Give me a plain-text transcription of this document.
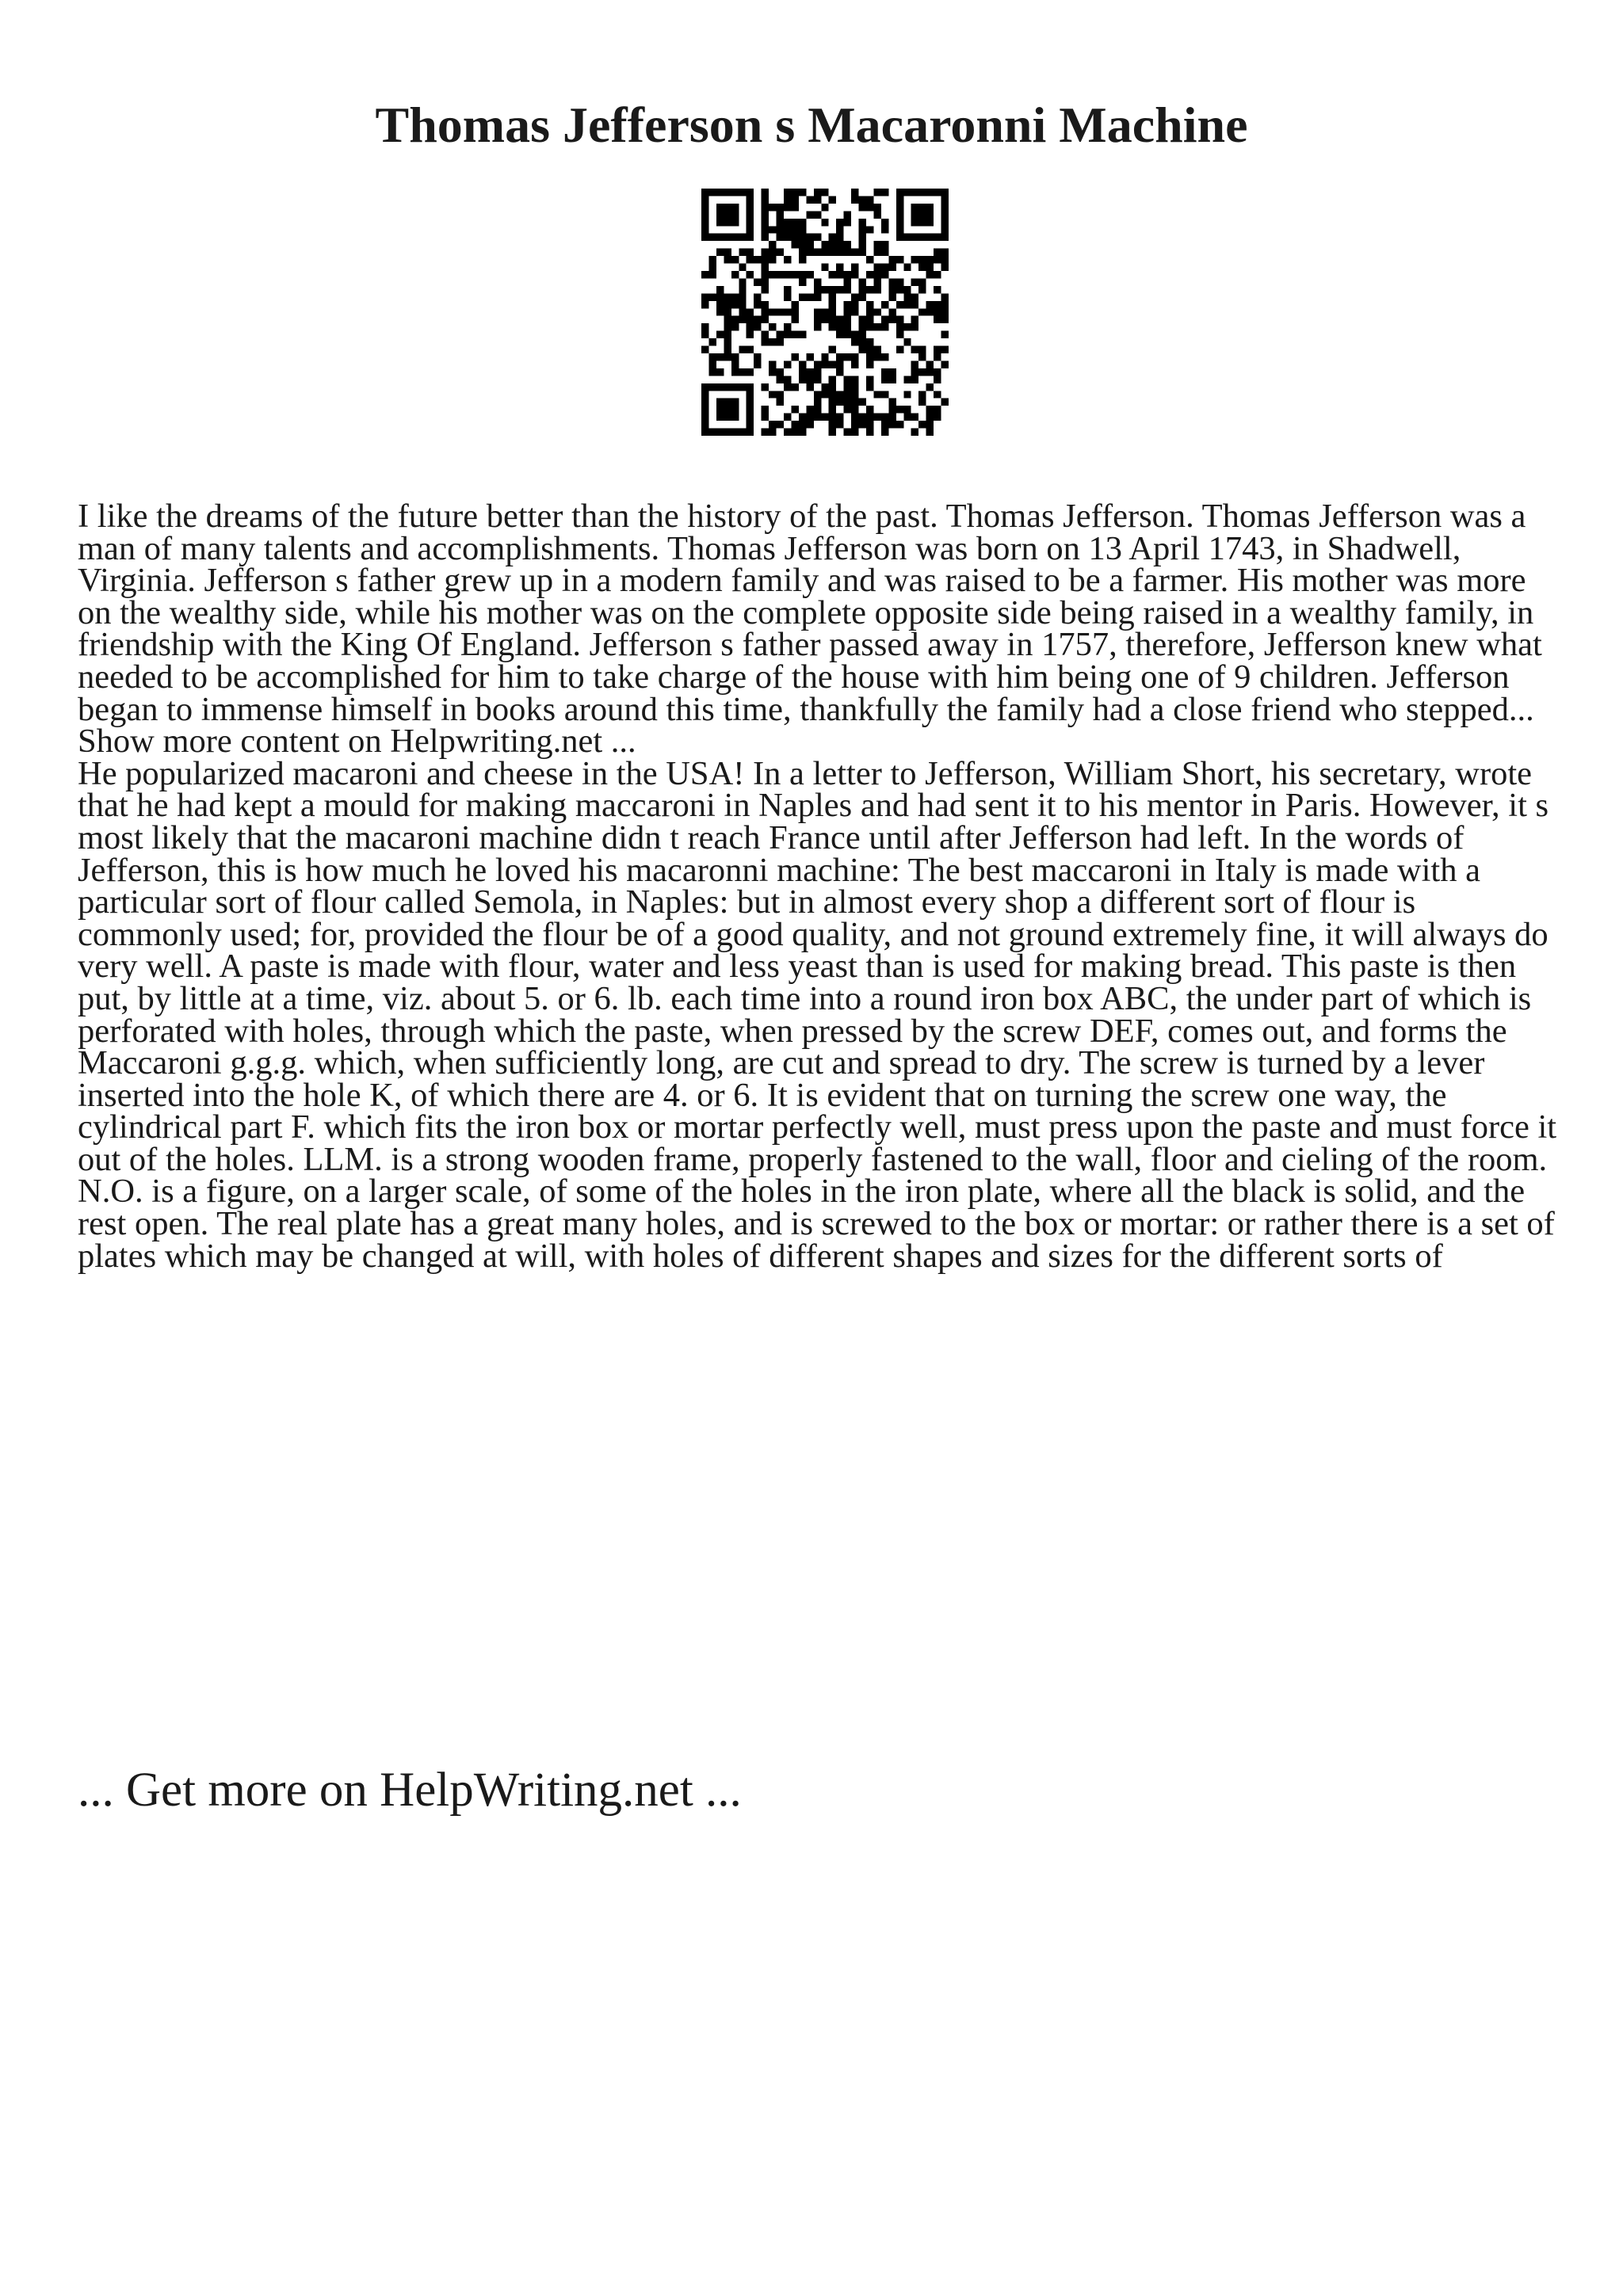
Thomas Jefferson s Macaronni Machine

I like the dreams of the future better than the history of the past. Thomas Jefferson. Thomas Jefferson was a man of many talents and accomplishments. Thomas Jefferson was born on 13 April 1743, in Shadwell, Virginia. Jefferson s father grew up in a modern family and was raised to be a farmer. His mother was more on the wealthy side, while his mother was on the complete opposite side being raised in a wealthy family, in friendship with the King Of England. Jefferson s father passed away in 1757, therefore, Jefferson knew what needed to be accomplished for him to take charge of the house with him being one of 9 children. Jefferson began to immense himself in books around this time, thankfully the family had a close friend who stepped... Show more content on Helpwriting.net ...

He popularized macaroni and cheese in the USA! In a letter to Jefferson, William Short, his secretary, wrote that he had kept a mould for making maccaroni in Naples and had sent it to his mentor in Paris. However, it s most likely that the macaroni machine didn t reach France until after Jefferson had left. In the words of Jefferson, this is how much he loved his macaronni machine: The best maccaroni in Italy is made with a particular sort of flour called Semola, in Naples: but in almost every shop a different sort of flour is commonly used; for, provided the flour be of a good quality, and not ground extremely fine, it will always do very well. A paste is made with flour, water and less yeast than is used for making bread. This paste is then put, by little at a time, viz. about 5. or 6. lb. each time into a round iron box ABC, the under part of which is perforated with holes, through which the paste, when pressed by the screw DEF, comes out, and forms the Maccaroni g.g.g. which, when sufficiently long, are cut and spread to dry. The screw is turned by a lever inserted into the hole K, of which there are 4. or 6. It is evident that on turning the screw one way, the cylindrical part F. which fits the iron box or mortar perfectly well, must press upon the paste and must force it out of the holes. LLM. is a strong wooden frame, properly fastened to the wall, floor and cieling of the room. N.O. is a figure, on a larger scale, of some of the holes in the iron plate, where all the black is solid, and the rest open. The real plate has a great many holes, and is screwed to the box or mortar: or rather there is a set of plates which may be changed at will, with holes of different shapes and sizes for the different sorts of

... Get more on HelpWriting.net ...
